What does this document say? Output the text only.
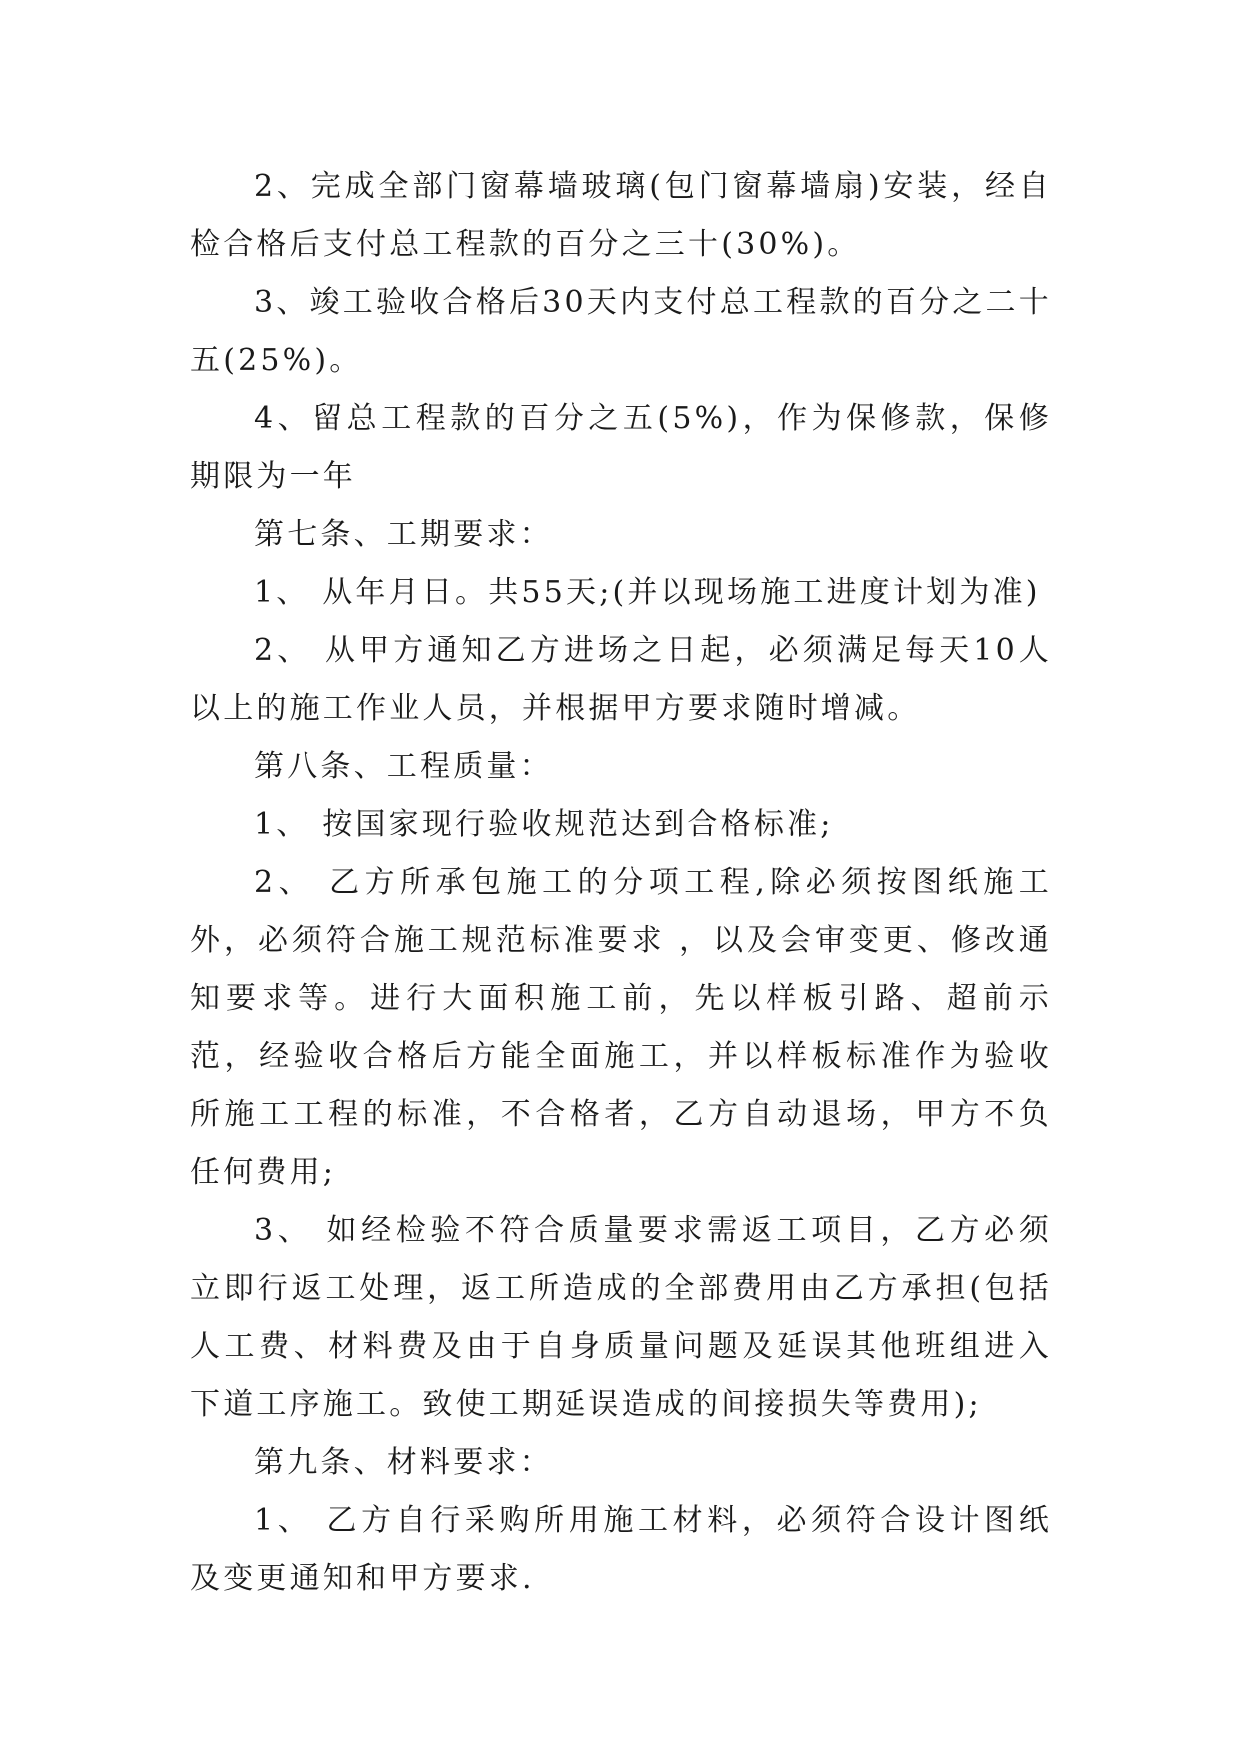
2、完成全部门窗幕墙玻璃(包门窗幕墙扇)安装，经自检合格后支付总工程款的百分之三十(30%)。

3、竣工验收合格后30天内支付总工程款的百分之二十五(25%)。

4、留总工程款的百分之五(5%)，作为保修款，保修期限为一年

第七条、工期要求：

1、 从年月日。共55天;(并以现场施工进度计划为准)

2、 从甲方通知乙方进场之日起，必须满足每天10人以上的施工作业人员，并根据甲方要求随时增减。

第八条、工程质量：

1、 按国家现行验收规范达到合格标准;

2、 乙方所承包施工的分项工程,除必须按图纸施工外，必须符合施工规范标准要求 ，以及会审变更、修改通知要求等。进行大面积施工前，先以样板引路、超前示范，经验收合格后方能全面施工，并以样板标准作为验收所施工工程的标准，不合格者，乙方自动退场，甲方不负任何费用;

3、 如经检验不符合质量要求需返工项目，乙方必须立即行返工处理，返工所造成的全部费用由乙方承担(包括人工费、材料费及由于自身质量问题及延误其他班组进入下道工序施工。致使工期延误造成的间接损失等费用);

第九条、材料要求：

1、 乙方自行采购所用施工材料，必须符合设计图纸及变更通知和甲方要求.
